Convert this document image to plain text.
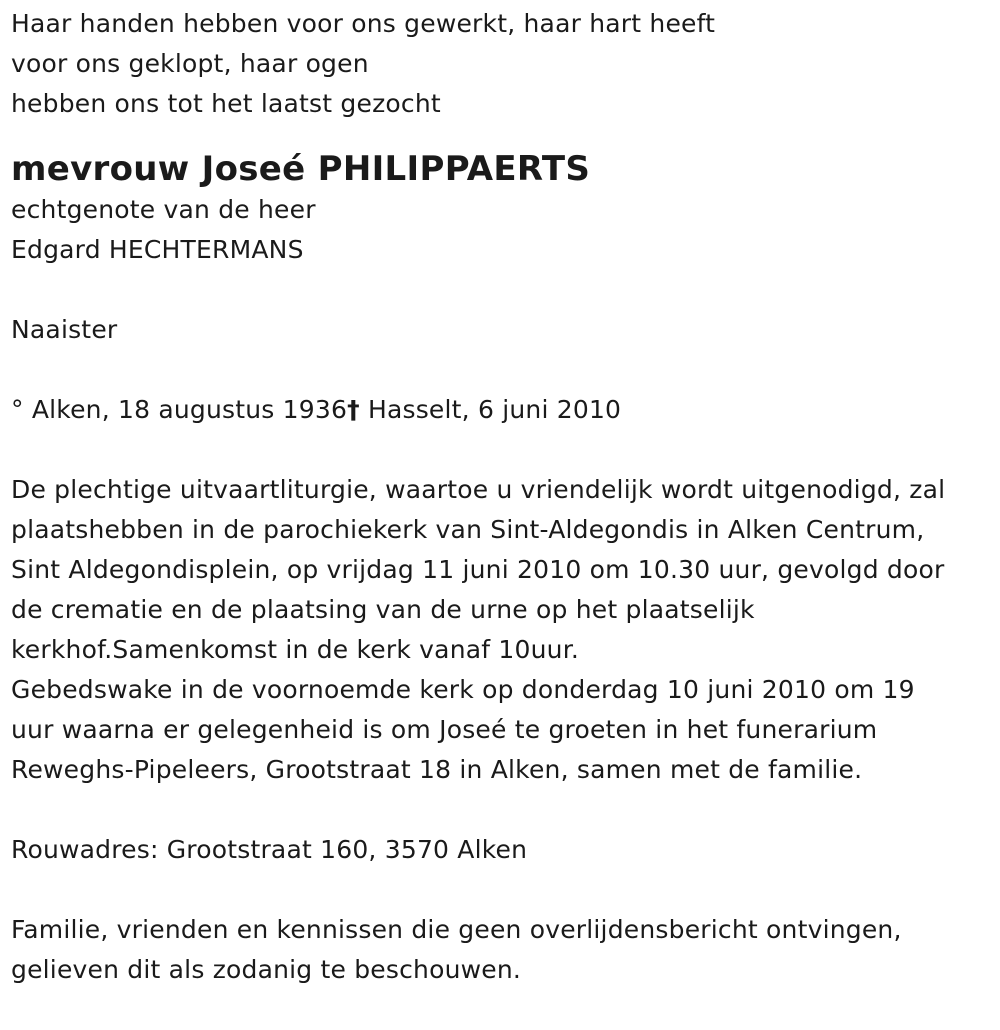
Haar handen hebben voor ons gewerkt, haar hart heeft
voor ons geklopt, haar ogen
hebben ons tot het laatst gezocht
mevrouw Joseé PHILIPPAERTS
echtgenote van de heer
Edgard HECHTERMANS
Naaister
° Alken, 18 augustus 1936† Hasselt, 6 juni 2010
De plechtige uitvaartliturgie, waartoe u vriendelijk wordt uitgenodigd, zal
plaatshebben in de parochiekerk van Sint-Aldegondis in Alken Centrum,
Sint Aldegondisplein, op vrijdag 11 juni 2010 om 10.30 uur, gevolgd door
de crematie en de plaatsing van de urne op het plaatselijk
kerkhof.Samenkomst in de kerk vanaf 10uur.
Gebedswake in de voornoemde kerk op donderdag 10 juni 2010 om 19
uur waarna er gelegenheid is om Joseé te groeten in het funerarium
Reweghs-Pipeleers, Grootstraat 18 in Alken, samen met de familie.
Rouwadres: Grootstraat 160, 3570 Alken
Familie, vrienden en kennissen die geen overlijdensbericht ontvingen,
gelieven dit als zodanig te beschouwen.
